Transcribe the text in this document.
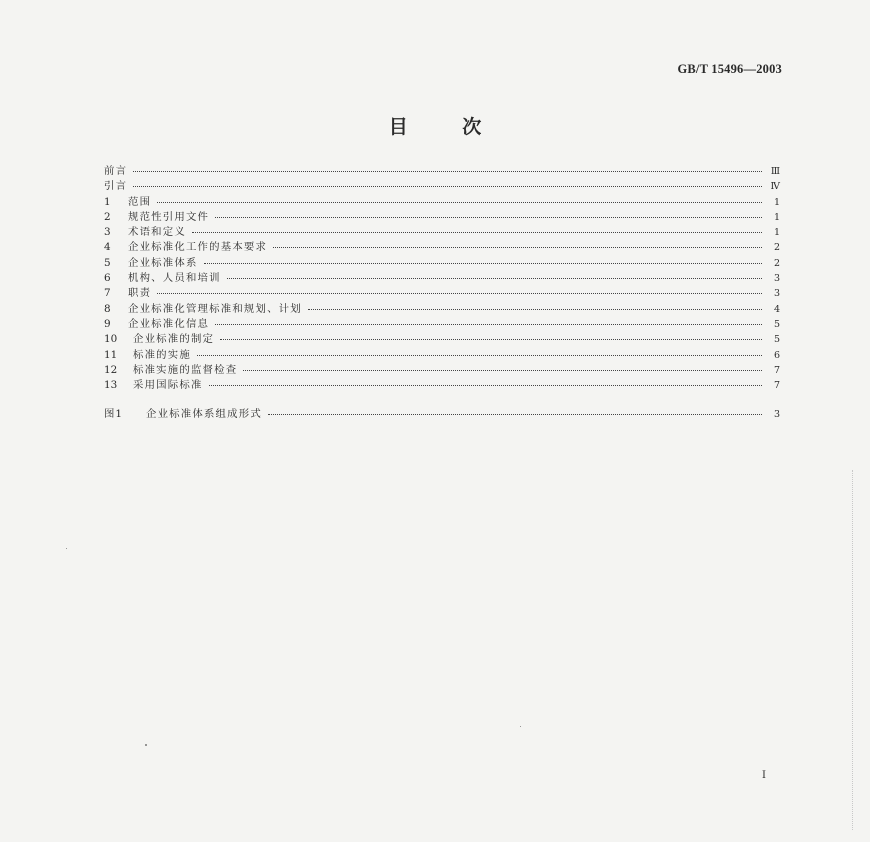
GB/T 15496—2003
目 次
前言	Ⅲ
引言	Ⅳ
1	范围	1
2	规范性引用文件	1
3	术语和定义	1
4	企业标准化工作的基本要求	2
5	企业标准体系	2
6	机构、人员和培训	3
7	职责	3
8	企业标准化管理标准和规划、计划	4
9	企业标准化信息	5
10	企业标准的制定	5
11	标准的实施	6
12	标准实施的监督检查	7
13	采用国际标准	7
图1	企业标准体系组成形式	3
Ⅰ
